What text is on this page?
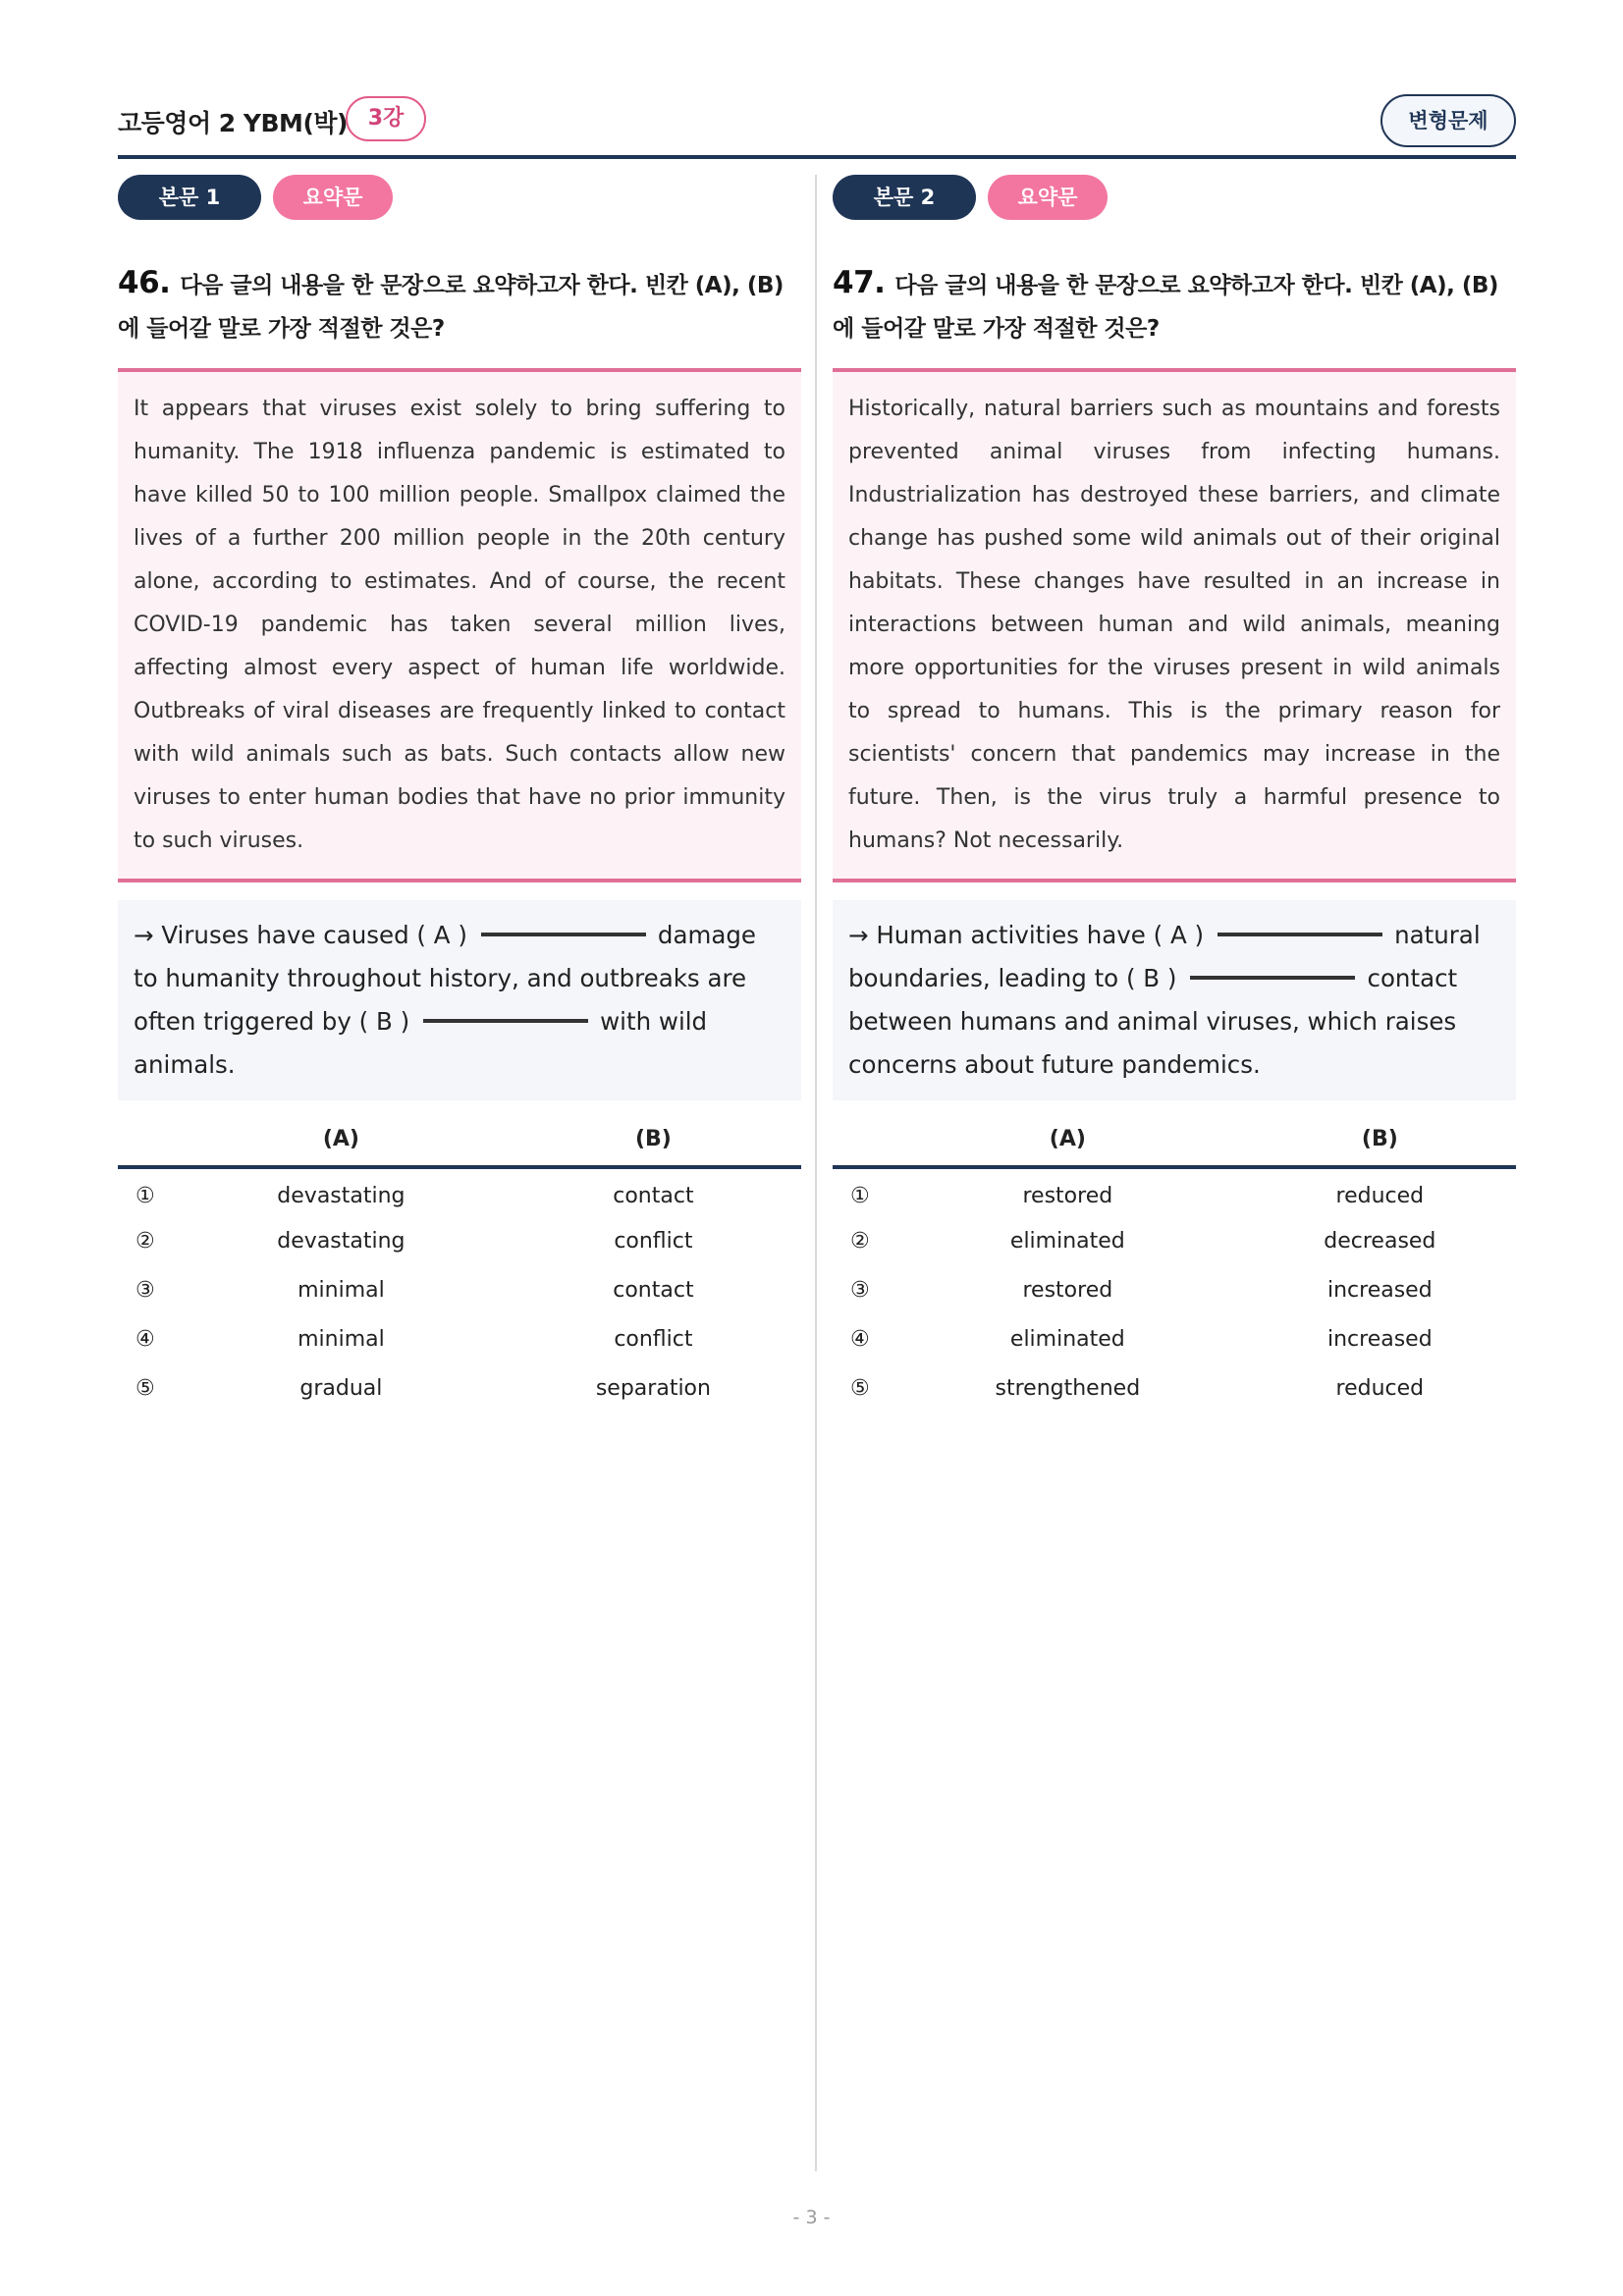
고등영어 2 YBM(박) 3강	변형문제
본문 1	요약문
46. 다음 글의 내용을 한 문장으로 요약하고자 한다. 빈칸 (A), (B)에 들어갈 말로 가장 적절한 것은?
It appears that viruses exist solely to bring suffering to humanity. The 1918 influenza pandemic is estimated to have killed 50 to 100 million people. Smallpox claimed the lives of a further 200 million people in the 20th century alone, according to estimates. And of course, the recent COVID-19 pandemic has taken several million lives, affecting almost every aspect of human life worldwide. Outbreaks of viral diseases are frequently linked to contact with wild animals such as bats. Such contacts allow new viruses to enter human bodies that have no prior immunity to such viruses.
→ Viruses have caused ( A )	damage to humanity throughout history, and outbreaks are often triggered by ( B )	with wild animals.
	(A)	(B)
①	devastating	contact
②	devastating	conflict
③	minimal	contact
④	minimal	conflict
⑤	gradual	separation
본문 2	요약문
47. 다음 글의 내용을 한 문장으로 요약하고자 한다. 빈칸 (A), (B)에 들어갈 말로 가장 적절한 것은?
Historically, natural barriers such as mountains and forests prevented animal viruses from infecting humans. Industrialization has destroyed these barriers, and climate change has pushed some wild animals out of their original habitats. These changes have resulted in an increase in interactions between human and wild animals, meaning more opportunities for the viruses present in wild animals to spread to humans. This is the primary reason for scientists' concern that pandemics may increase in the future. Then, is the virus truly a harmful presence to humans? Not necessarily.
→ Human activities have ( A )	natural boundaries, leading to ( B )	contact between humans and animal viruses, which raises concerns about future pandemics.
	(A)	(B)
①	restored	reduced
②	eliminated	decreased
③	restored	increased
④	eliminated	increased
⑤	strengthened	reduced
- 3 -
